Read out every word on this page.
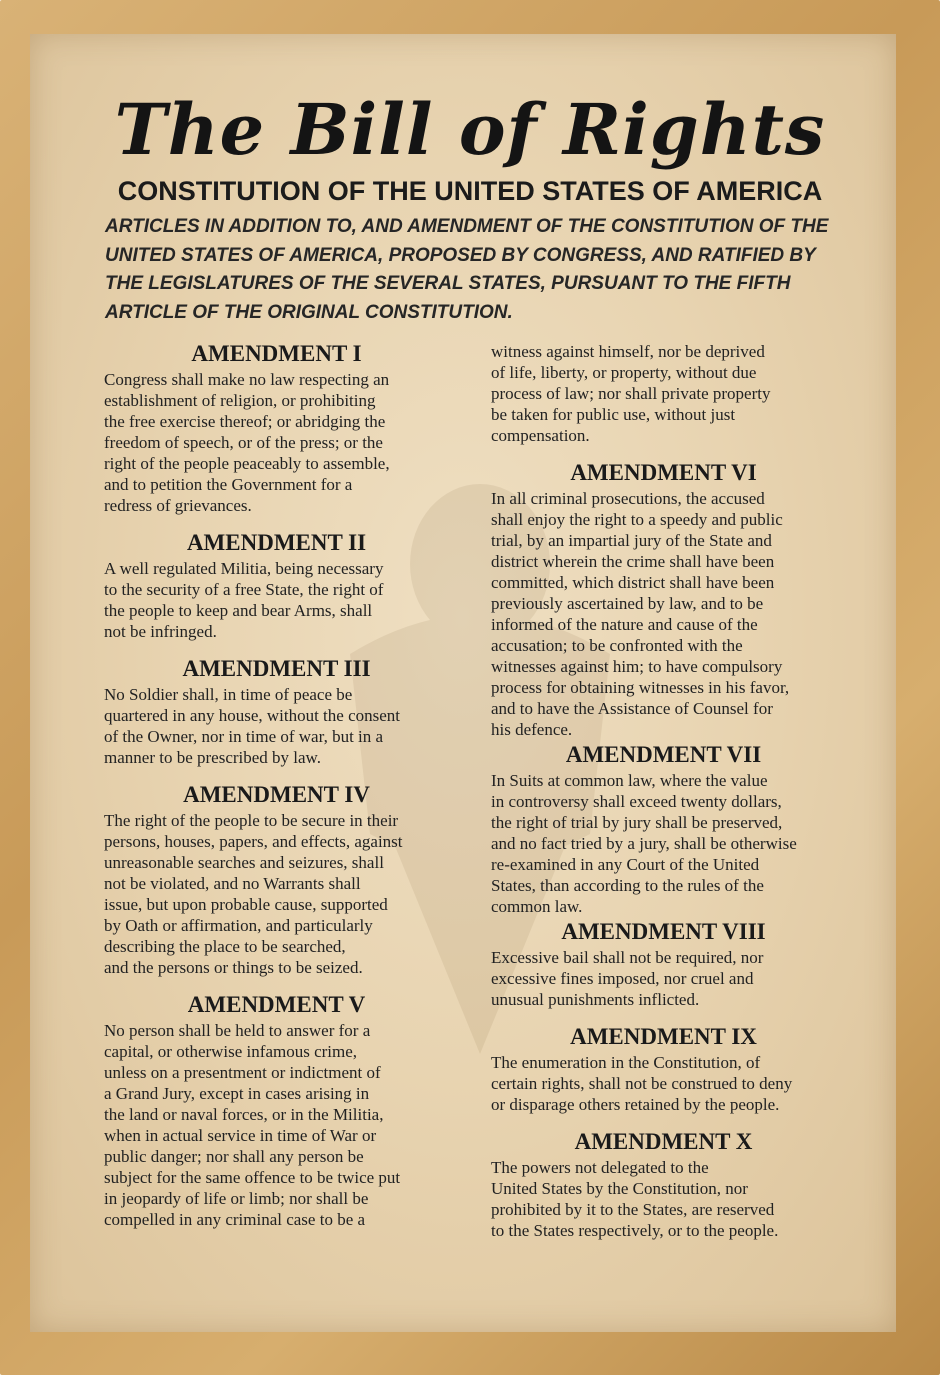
The Bill of Rights
CONSTITUTION OF THE UNITED STATES OF AMERICA

ARTICLES IN ADDITION TO, AND AMENDMENT OF THE CONSTITUTION OF THE UNITED STATES OF AMERICA, PROPOSED BY CONGRESS, AND RATIFIED BY THE LEGISLATURES OF THE SEVERAL STATES, PURSUANT TO THE FIFTH ARTICLE OF THE ORIGINAL CONSTITUTION.

AMENDMENT I

Congress shall make no law respecting an
establishment of religion, or prohibiting
the free exercise thereof; or abridging the
freedom of speech, or of the press; or the
right of the people peaceably to assemble,
and to petition the Government for a
redress of grievances.

AMENDMENT II

A well regulated Militia, being necessary
to the security of a free State, the right of
the people to keep and bear Arms, shall
not be infringed.

AMENDMENT III

No Soldier shall, in time of peace be
quartered in any house, without the consent
of the Owner, nor in time of war, but in a
manner to be prescribed by law.

AMENDMENT IV

The right of the people to be secure in their
persons, houses, papers, and effects, against
unreasonable searches and seizures, shall
not be violated, and no Warrants shall
issue, but upon probable cause, supported
by Oath or affirmation, and particularly
describing the place to be searched,
and the persons or things to be seized.

AMENDMENT V

No person shall be held to answer for a
capital, or otherwise infamous crime,
unless on a presentment or indictment of
a Grand Jury, except in cases arising in
the land or naval forces, or in the Militia,
when in actual service in time of War or
public danger; nor shall any person be
subject for the same offence to be twice put
in jeopardy of life or limb; nor shall be
compelled in any criminal case to be a

witness against himself, nor be deprived
of life, liberty, or property, without due
process of law; nor shall private property
be taken for public use, without just
compensation.

AMENDMENT VI

In all criminal prosecutions, the accused
shall enjoy the right to a speedy and public
trial, by an impartial jury of the State and
district wherein the crime shall have been
committed, which district shall have been
previously ascertained by law, and to be
informed of the nature and cause of the
accusation; to be confronted with the
witnesses against him; to have compulsory
process for obtaining witnesses in his favor,
and to have the Assistance of Counsel for
his defence.

AMENDMENT VII

In Suits at common law, where the value
in controversy shall exceed twenty dollars,
the right of trial by jury shall be preserved,
and no fact tried by a jury, shall be otherwise
re-examined in any Court of the United
States, than according to the rules of the
common law.

AMENDMENT VIII

Excessive bail shall not be required, nor
excessive fines imposed, nor cruel and
unusual punishments inflicted.

AMENDMENT IX

The enumeration in the Constitution, of
certain rights, shall not be construed to deny
or disparage others retained by the people.

AMENDMENT X

The powers not delegated to the
United States by the Constitution, nor
prohibited by it to the States, are reserved
to the States respectively, or to the people.
